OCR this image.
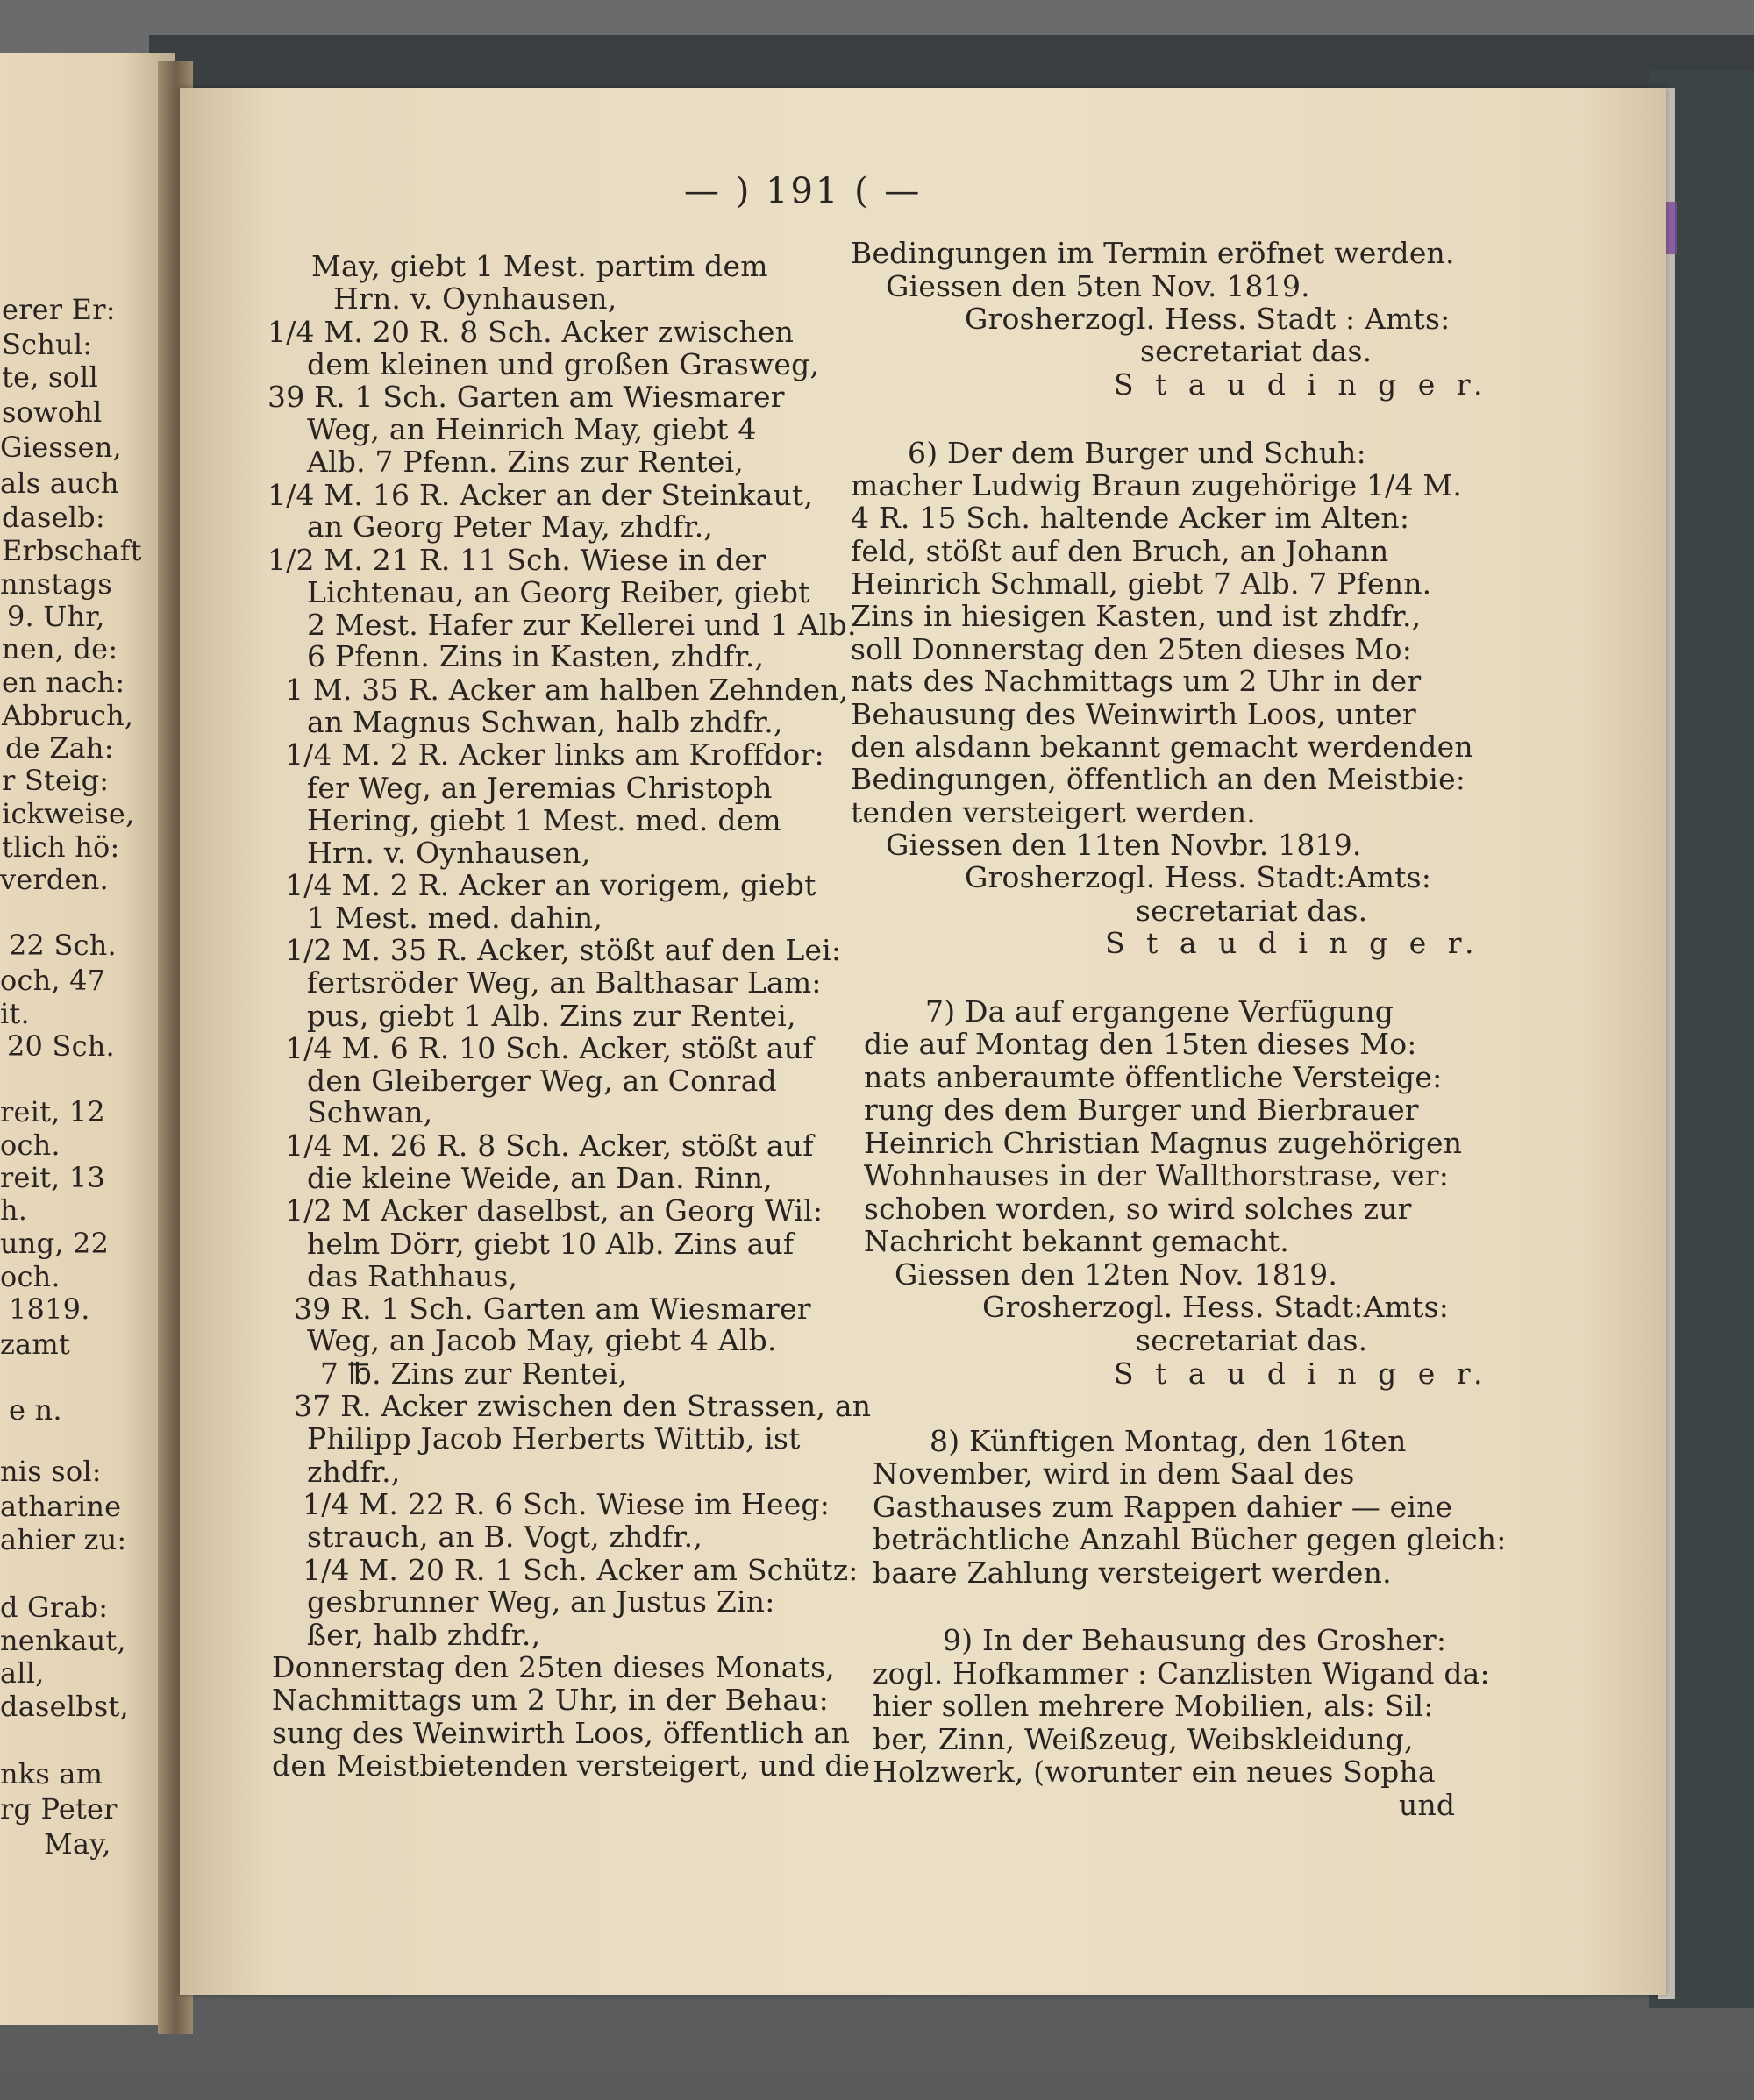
erer Er:
Schul:
te, soll
sowohl
Giessen,
als auch
daselb:
Erbschaft
nnstags
9. Uhr,
nen, de:
en nach:
Abbruch,
de Zah:
r Steig:
ickweise,
tlich hö:
verden.
22 Sch.
och, 47
it.
20 Sch.
reit, 12
och.
reit, 13
h.
ung, 22
och.
1819.
zamt
e n.
nis sol:
atharine
ahier zu:
d Grab:
nenkaut,
all,
daselbst,
nks am
rg Peter
May,
— ) 191 ( —
May, giebt 1 Mest. partim dem
Hrn. v. Oynhausen,
1/4 M. 20 R. 8 Sch. Acker zwischen
dem kleinen und großen Grasweg,
39 R. 1 Sch. Garten am Wiesmarer
Weg, an Heinrich May, giebt 4
Alb. 7 Pfenn. Zins zur Rentei,
1/4 M. 16 R. Acker an der Steinkaut,
an Georg Peter May, zhdfr.,
1/2 M. 21 R. 11 Sch. Wiese in der
Lichtenau, an Georg Reiber, giebt
2 Mest. Hafer zur Kellerei und 1 Alb.
6 Pfenn. Zins in Kasten, zhdfr.,
1 M. 35 R. Acker am halben Zehnden,
an Magnus Schwan, halb zhdfr.,
1/4 M. 2 R. Acker links am Kroffdor:
fer Weg, an Jeremias Christoph
Hering, giebt 1 Mest. med. dem
Hrn. v. Oynhausen,
1/4 M. 2 R. Acker an vorigem, giebt
1 Mest. med. dahin,
1/2 M. 35 R. Acker, stößt auf den Lei:
fertsröder Weg, an Balthasar Lam:
pus, giebt 1 Alb. Zins zur Rentei,
1/4 M. 6 R. 10 Sch. Acker, stößt auf
den Gleiberger Weg, an Conrad
Schwan,
1/4 M. 26 R. 8 Sch. Acker, stößt auf
die kleine Weide, an Dan. Rinn,
1/2 M Acker daselbst, an Georg Wil:
helm Dörr, giebt 10 Alb. Zins auf
das Rathhaus,
39 R. 1 Sch. Garten am Wiesmarer
Weg, an Jacob May, giebt 4 Alb.
7 ℔. Zins zur Rentei,
37 R. Acker zwischen den Strassen, an
Philipp Jacob Herberts Wittib, ist
zhdfr.,
1/4 M. 22 R. 6 Sch. Wiese im Heeg:
strauch, an B. Vogt, zhdfr.,
1/4 M. 20 R. 1 Sch. Acker am Schütz:
gesbrunner Weg, an Justus Zin:
ßer, halb zhdfr.,
Donnerstag den 25ten dieses Monats,
Nachmittags um 2 Uhr, in der Behau:
sung des Weinwirth Loos, öffentlich an
den Meistbietenden versteigert, und die
Bedingungen im Termin eröfnet werden.
Giessen den 5ten Nov. 1819.
Grosherzogl. Hess. Stadt : Amts:
secretariat das.
S t a u d i n g e r.
6) Der dem Burger und Schuh:
macher Ludwig Braun zugehörige 1/4 M.
4 R. 15 Sch. haltende Acker im Alten:
feld, stößt auf den Bruch, an Johann
Heinrich Schmall, giebt 7 Alb. 7 Pfenn.
Zins in hiesigen Kasten, und ist zhdfr.,
soll Donnerstag den 25ten dieses Mo:
nats des Nachmittags um 2 Uhr in der
Behausung des Weinwirth Loos, unter
den alsdann bekannt gemacht werdenden
Bedingungen, öffentlich an den Meistbie:
tenden versteigert werden.
Giessen den 11ten Novbr. 1819.
Grosherzogl. Hess. Stadt:Amts:
secretariat das.
S t a u d i n g e r.
7) Da auf ergangene Verfügung
die auf Montag den 15ten dieses Mo:
nats anberaumte öffentliche Versteige:
rung des dem Burger und Bierbrauer
Heinrich Christian Magnus zugehörigen
Wohnhauses in der Wallthorstrase, ver:
schoben worden, so wird solches zur
Nachricht bekannt gemacht.
Giessen den 12ten Nov. 1819.
Grosherzogl. Hess. Stadt:Amts:
secretariat das.
S t a u d i n g e r.
8) Künftigen Montag, den 16ten
November, wird in dem Saal des
Gasthauses zum Rappen dahier — eine
beträchtliche Anzahl Bücher gegen gleich:
baare Zahlung versteigert werden.
9) In der Behausung des Grosher:
zogl. Hofkammer : Canzlisten Wigand da:
hier sollen mehrere Mobilien, als: Sil:
ber, Zinn, Weißzeug, Weibskleidung,
Holzwerk, (worunter ein neues Sopha
und
